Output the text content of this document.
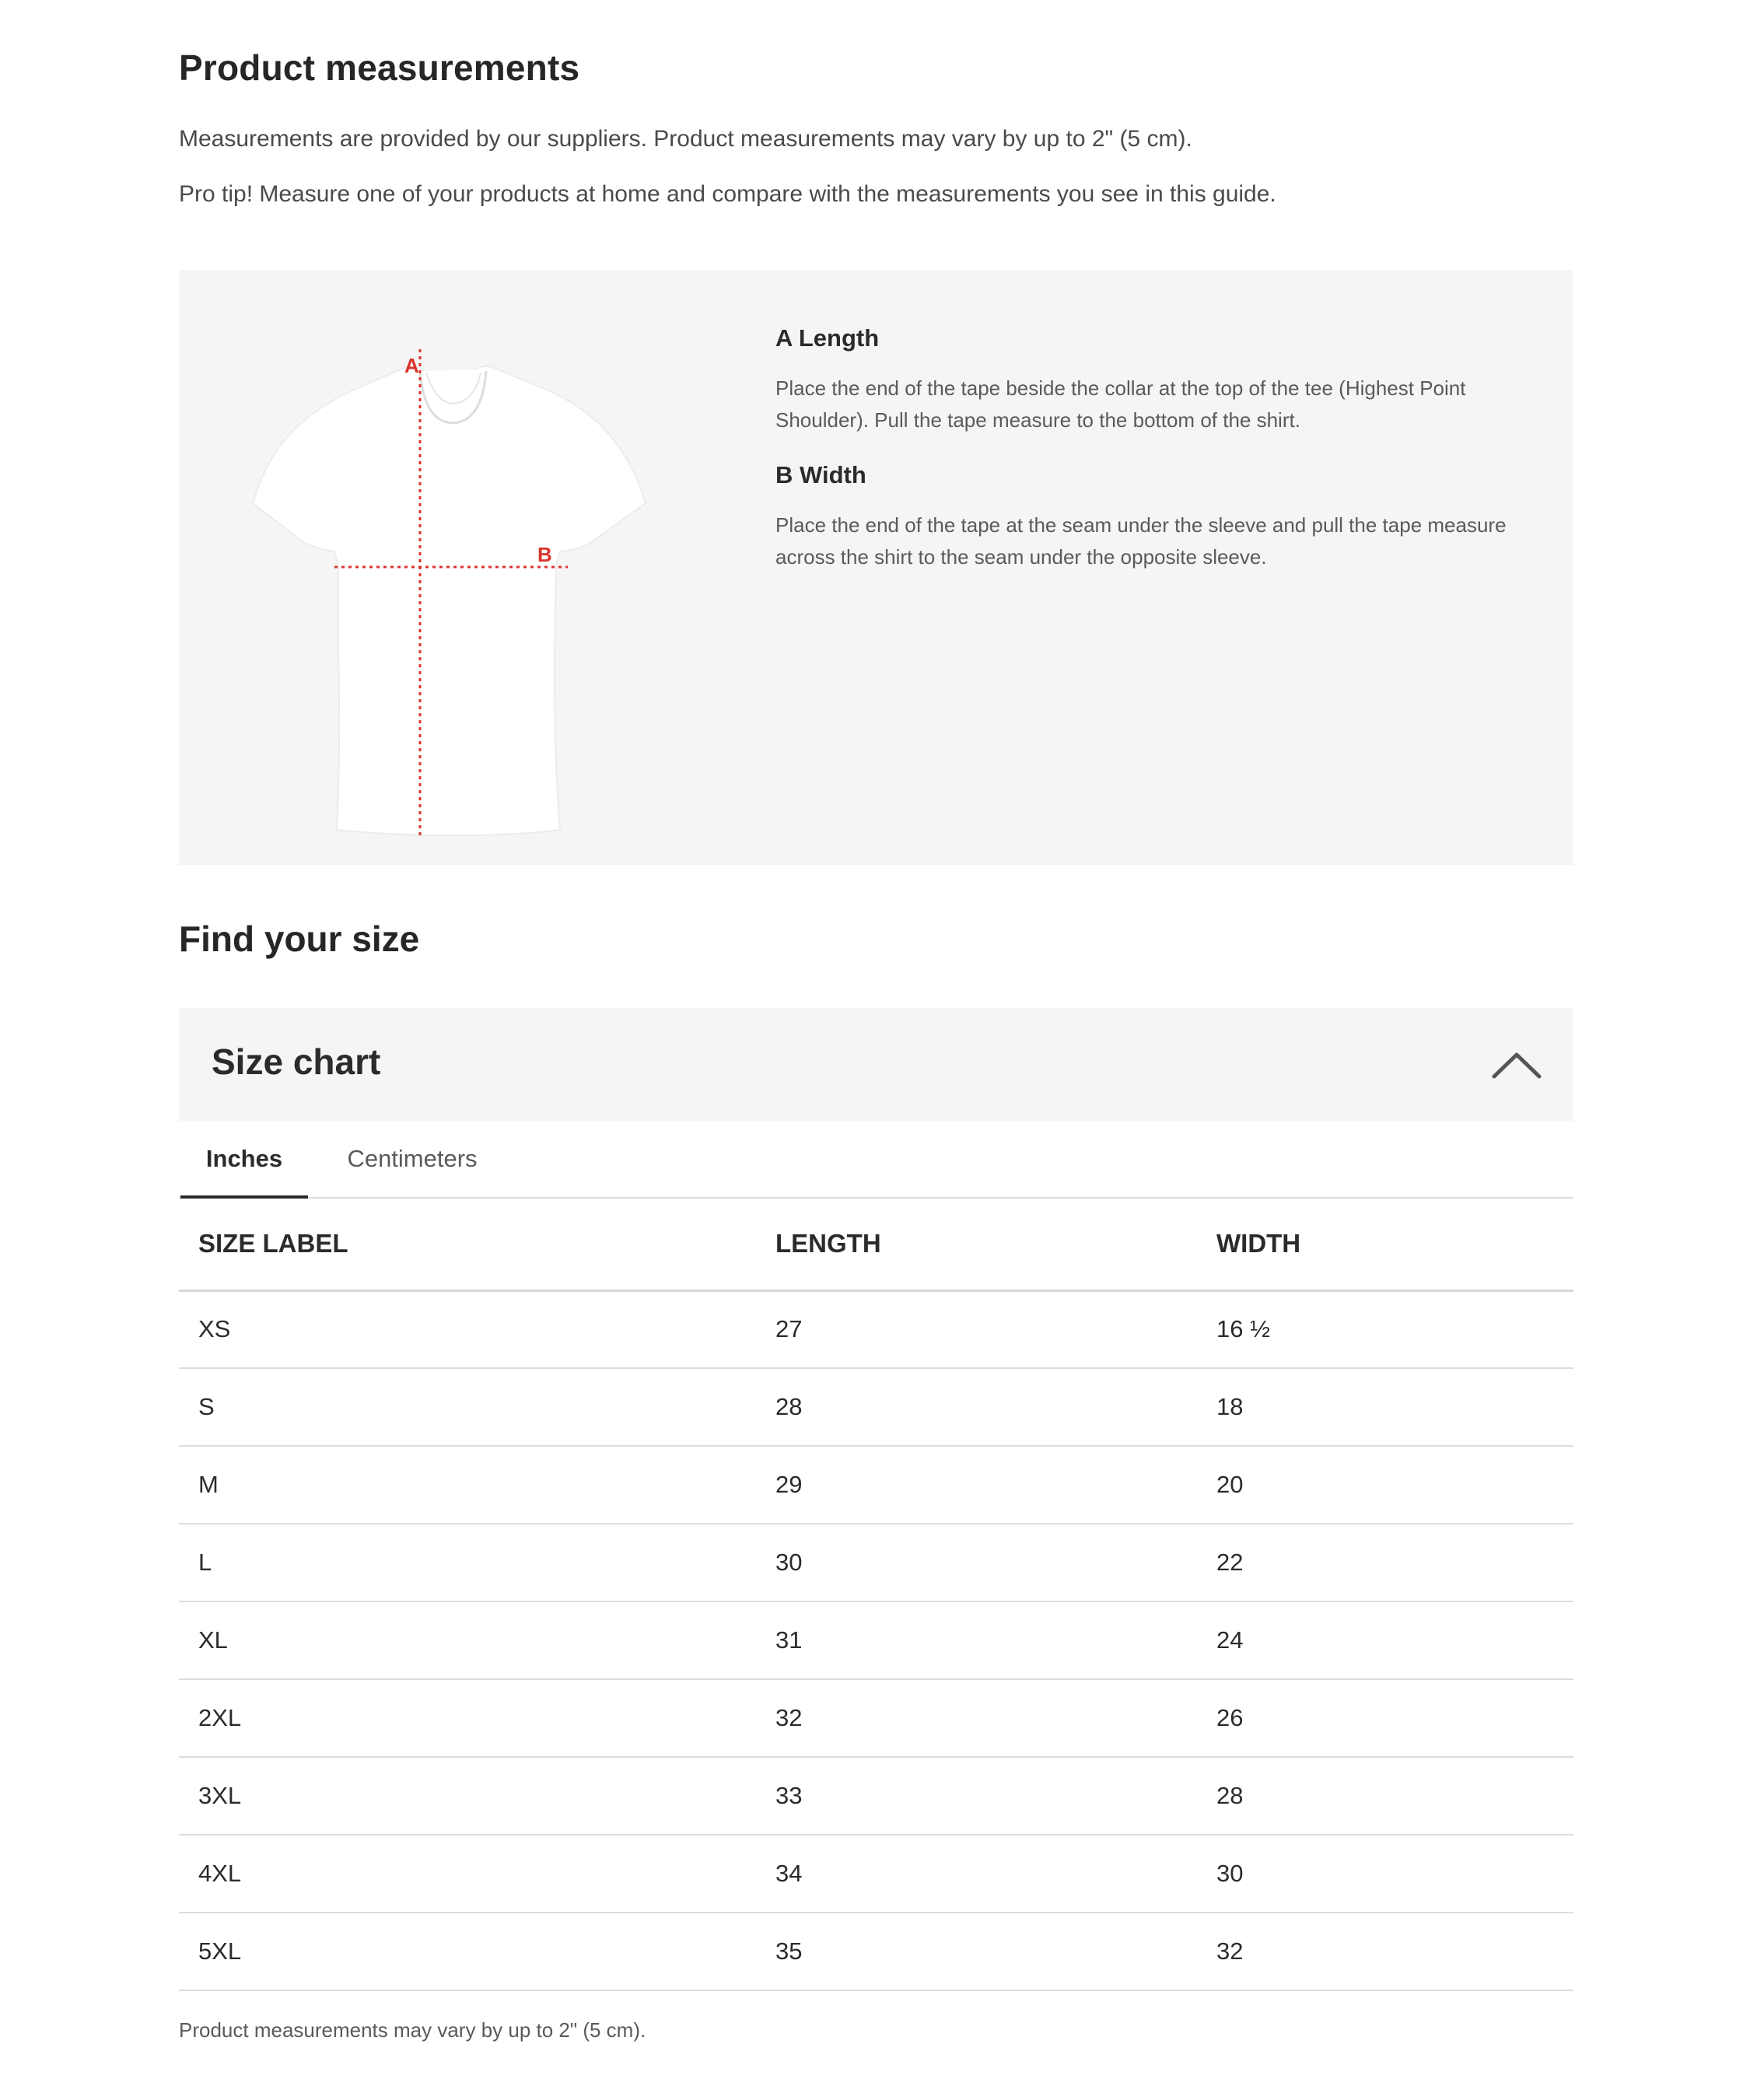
Product measurements

Measurements are provided by our suppliers. Product measurements may vary by up to 2" (5 cm).

Pro tip! Measure one of your products at home and compare with the measurements you see in this guide.

A
B
A Length

Place the end of the tape beside the collar at the top of the tee (Highest Point Shoulder). Pull the tape measure to the bottom of the shirt.

B Width

Place the end of the tape at the seam under the sleeve and pull the tape measure across the shirt to the seam under the opposite sleeve.

Find your size
Size chart
Inches	Centimeters
SIZE LABEL	LENGTH	WIDTH
XS	27	16 ½
S	28	18
M	29	20
L	30	22
XL	31	24
2XL	32	26
3XL	33	28
4XL	34	30
5XL	35	32

Product measurements may vary by up to 2" (5 cm).
